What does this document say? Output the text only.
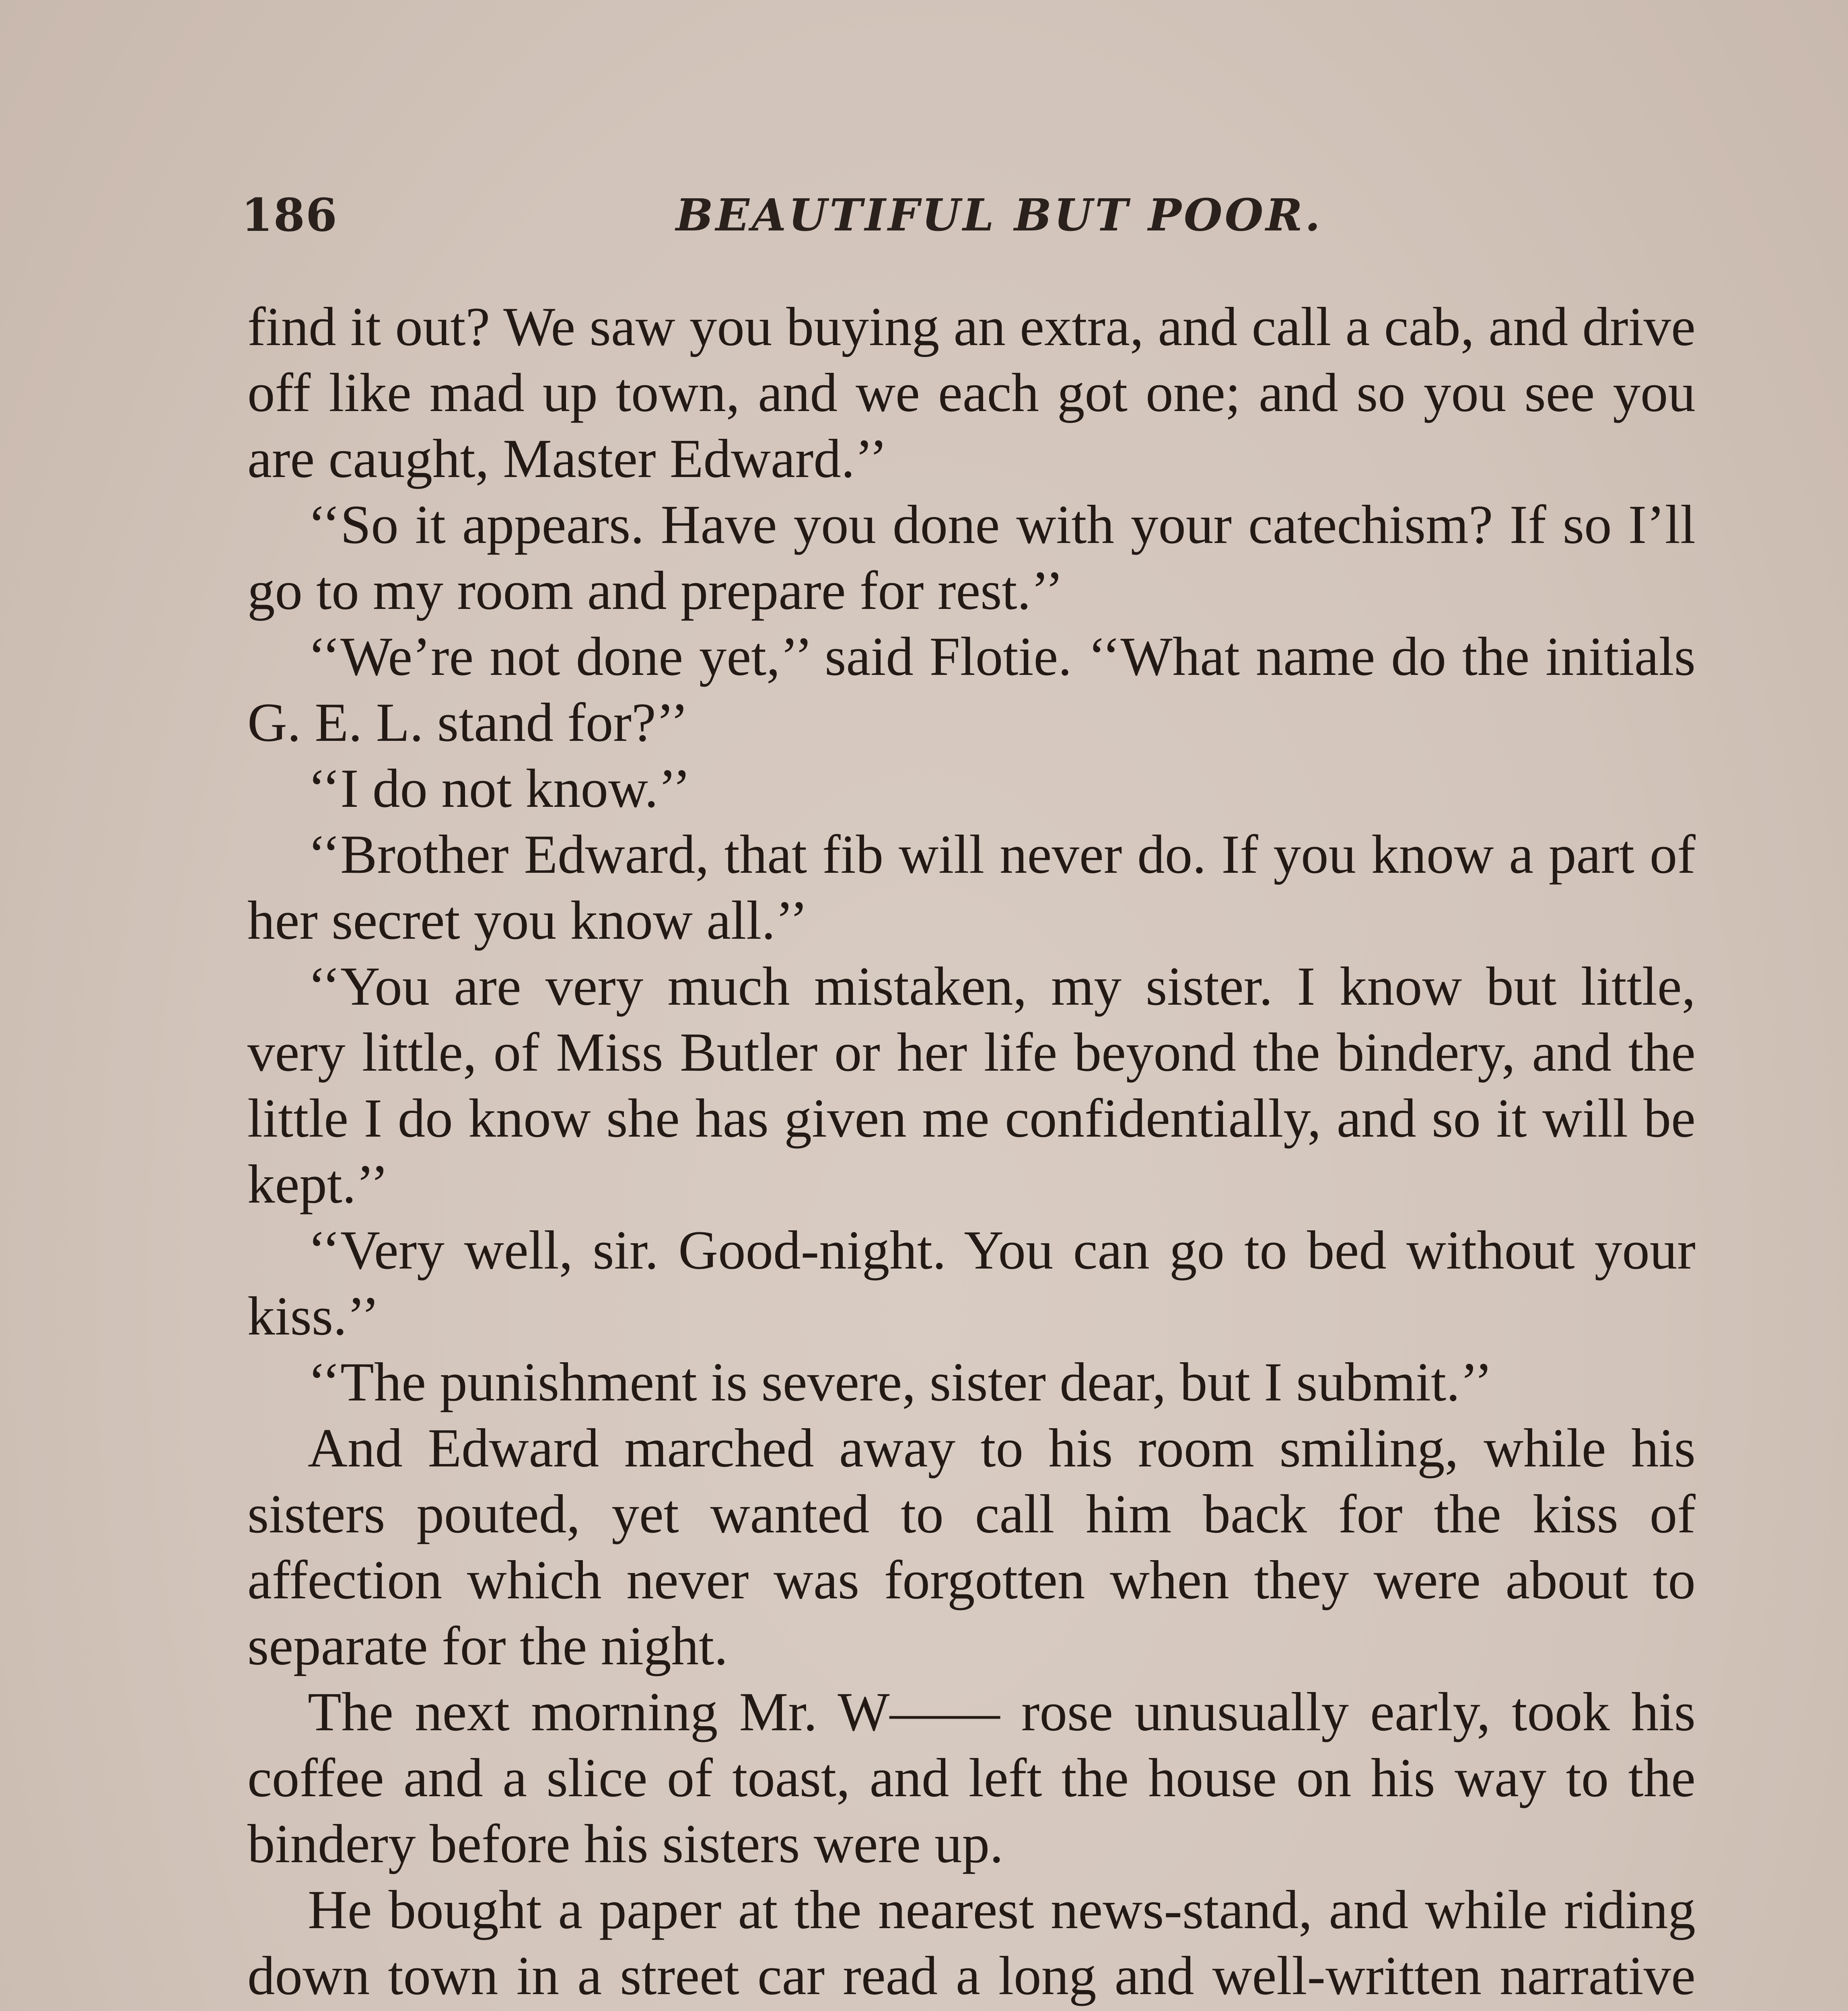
186	BEAUTIFUL BUT POOR.

find it out? We saw you buying an extra, and call a cab, and drive off like mad up town, and we each got one; and so you see you are caught, Master Edward.’’

‘‘So it appears. Have you done with your catechism? If so I’ll go to my room and prepare for rest.’’

‘‘We’re not done yet,’’ said Flotie. ‘‘What name do the initials G. E. L. stand for?’’

‘‘I do not know.’’

‘‘Brother Edward, that fib will never do. If you know a part of her secret you know all.’’

‘‘You are very much mistaken, my sister. I know but little, very little, of Miss Butler or her life beyond the bindery, and the little I do know she has given me confidentially, and so it will be kept.’’

‘‘Very well, sir. Good-night. You can go to bed without your kiss.’’

‘‘The punishment is severe, sister dear, but I submit.’’

And Edward marched away to his room smiling, while his sisters pouted, yet wanted to call him back for the kiss of affection which never was forgotten when they were about to separate for the night.

The next morning Mr. W—— rose unusually early, took his coffee and a slice of toast, and left the house on his way to the bindery before his sisters were up.

He bought a paper at the nearest news-stand, and while riding down town in a street car read a long and well-written narrative
